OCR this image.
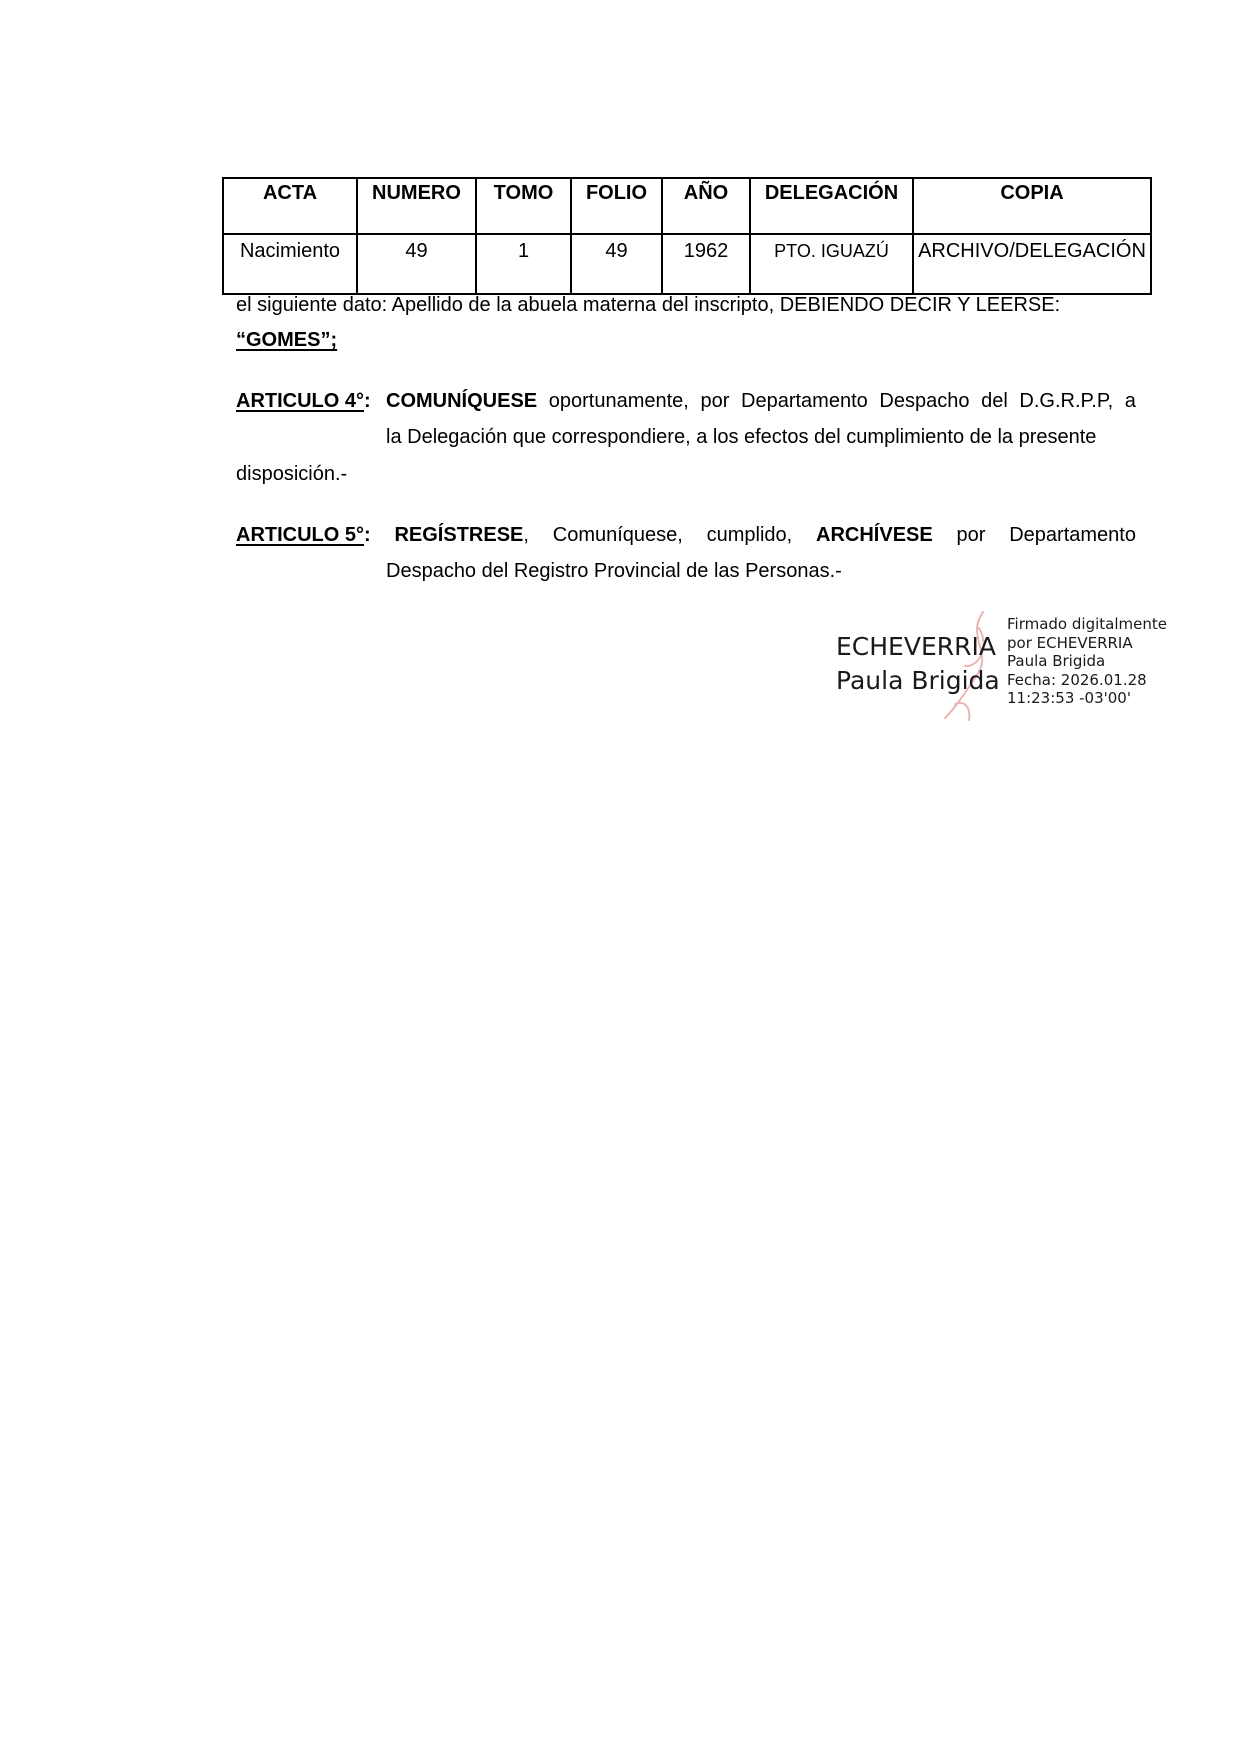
ACTA	NUMERO	TOMO	FOLIO	AÑO	DELEGACIÓN	COPIA
Nacimiento	49	1	49	1962	PTO. IGUAZÚ	ARCHIVO/DELEGACIÓN
el siguiente dato: Apellido de la abuela materna del inscripto, DEBIENDO DECIR Y LEERSE:
“GOMES”;
ARTICULO 4°: COMUNÍQUESE oportunamente, por Departamento Despacho del D.G.R.P.P, a
la Delegación que correspondiere, a los efectos del cumplimiento de la presente
disposición.-
ARTICULO 5°: REGÍSTRESE, Comuníquese, cumplido, ARCHÍVESE por Departamento
Despacho del Registro Provincial de las Personas.-
ECHEVERRIA
Paula Brigida
Firmado digitalmente
por ECHEVERRIA
Paula Brigida
Fecha: 2026.01.28
11:23:53 -03'00'
